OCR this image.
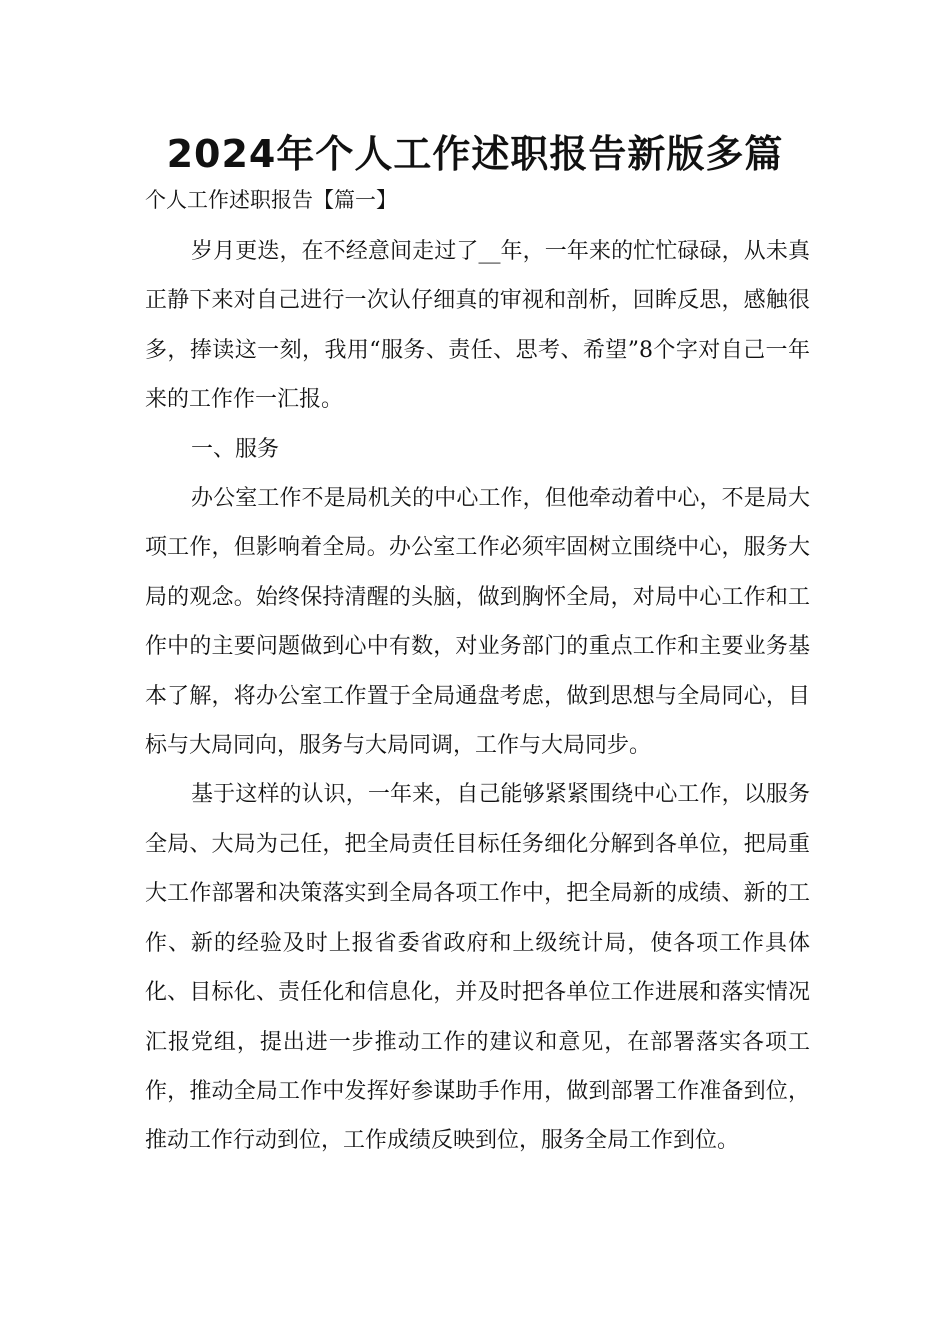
2024年个人工作述职报告新版多篇

个人工作述职报告【篇一】

岁月更迭，在不经意间走过了__年，一年来的忙忙碌碌，从未真正静下来对自己进行一次认仔细真的审视和剖析，回眸反思，感触很多，捧读这一刻，我用“服务、责任、思考、希望”8个字对自己一年来的工作作一汇报。

一、服务

办公室工作不是局机关的中心工作，但他牵动着中心，不是局大项工作，但影响着全局。办公室工作必须牢固树立围绕中心，服务大局的观念。始终保持清醒的头脑，做到胸怀全局，对局中心工作和工作中的主要问题做到心中有数，对业务部门的重点工作和主要业务基本了解，将办公室工作置于全局通盘考虑，做到思想与全局同心，目标与大局同向，服务与大局同调，工作与大局同步。

基于这样的认识，一年来，自己能够紧紧围绕中心工作，以服务全局、大局为己任，把全局责任目标任务细化分解到各单位，把局重大工作部署和决策落实到全局各项工作中，把全局新的成绩、新的工作、新的经验及时上报省委省政府和上级统计局，使各项工作具体化、目标化、责任化和信息化，并及时把各单位工作进展和落实情况汇报党组，提出进一步推动工作的建议和意见，在部署落实各项工作，推动全局工作中发挥好参谋助手作用，做到部署工作准备到位，推动工作行动到位，工作成绩反映到位，服务全局工作到位。
